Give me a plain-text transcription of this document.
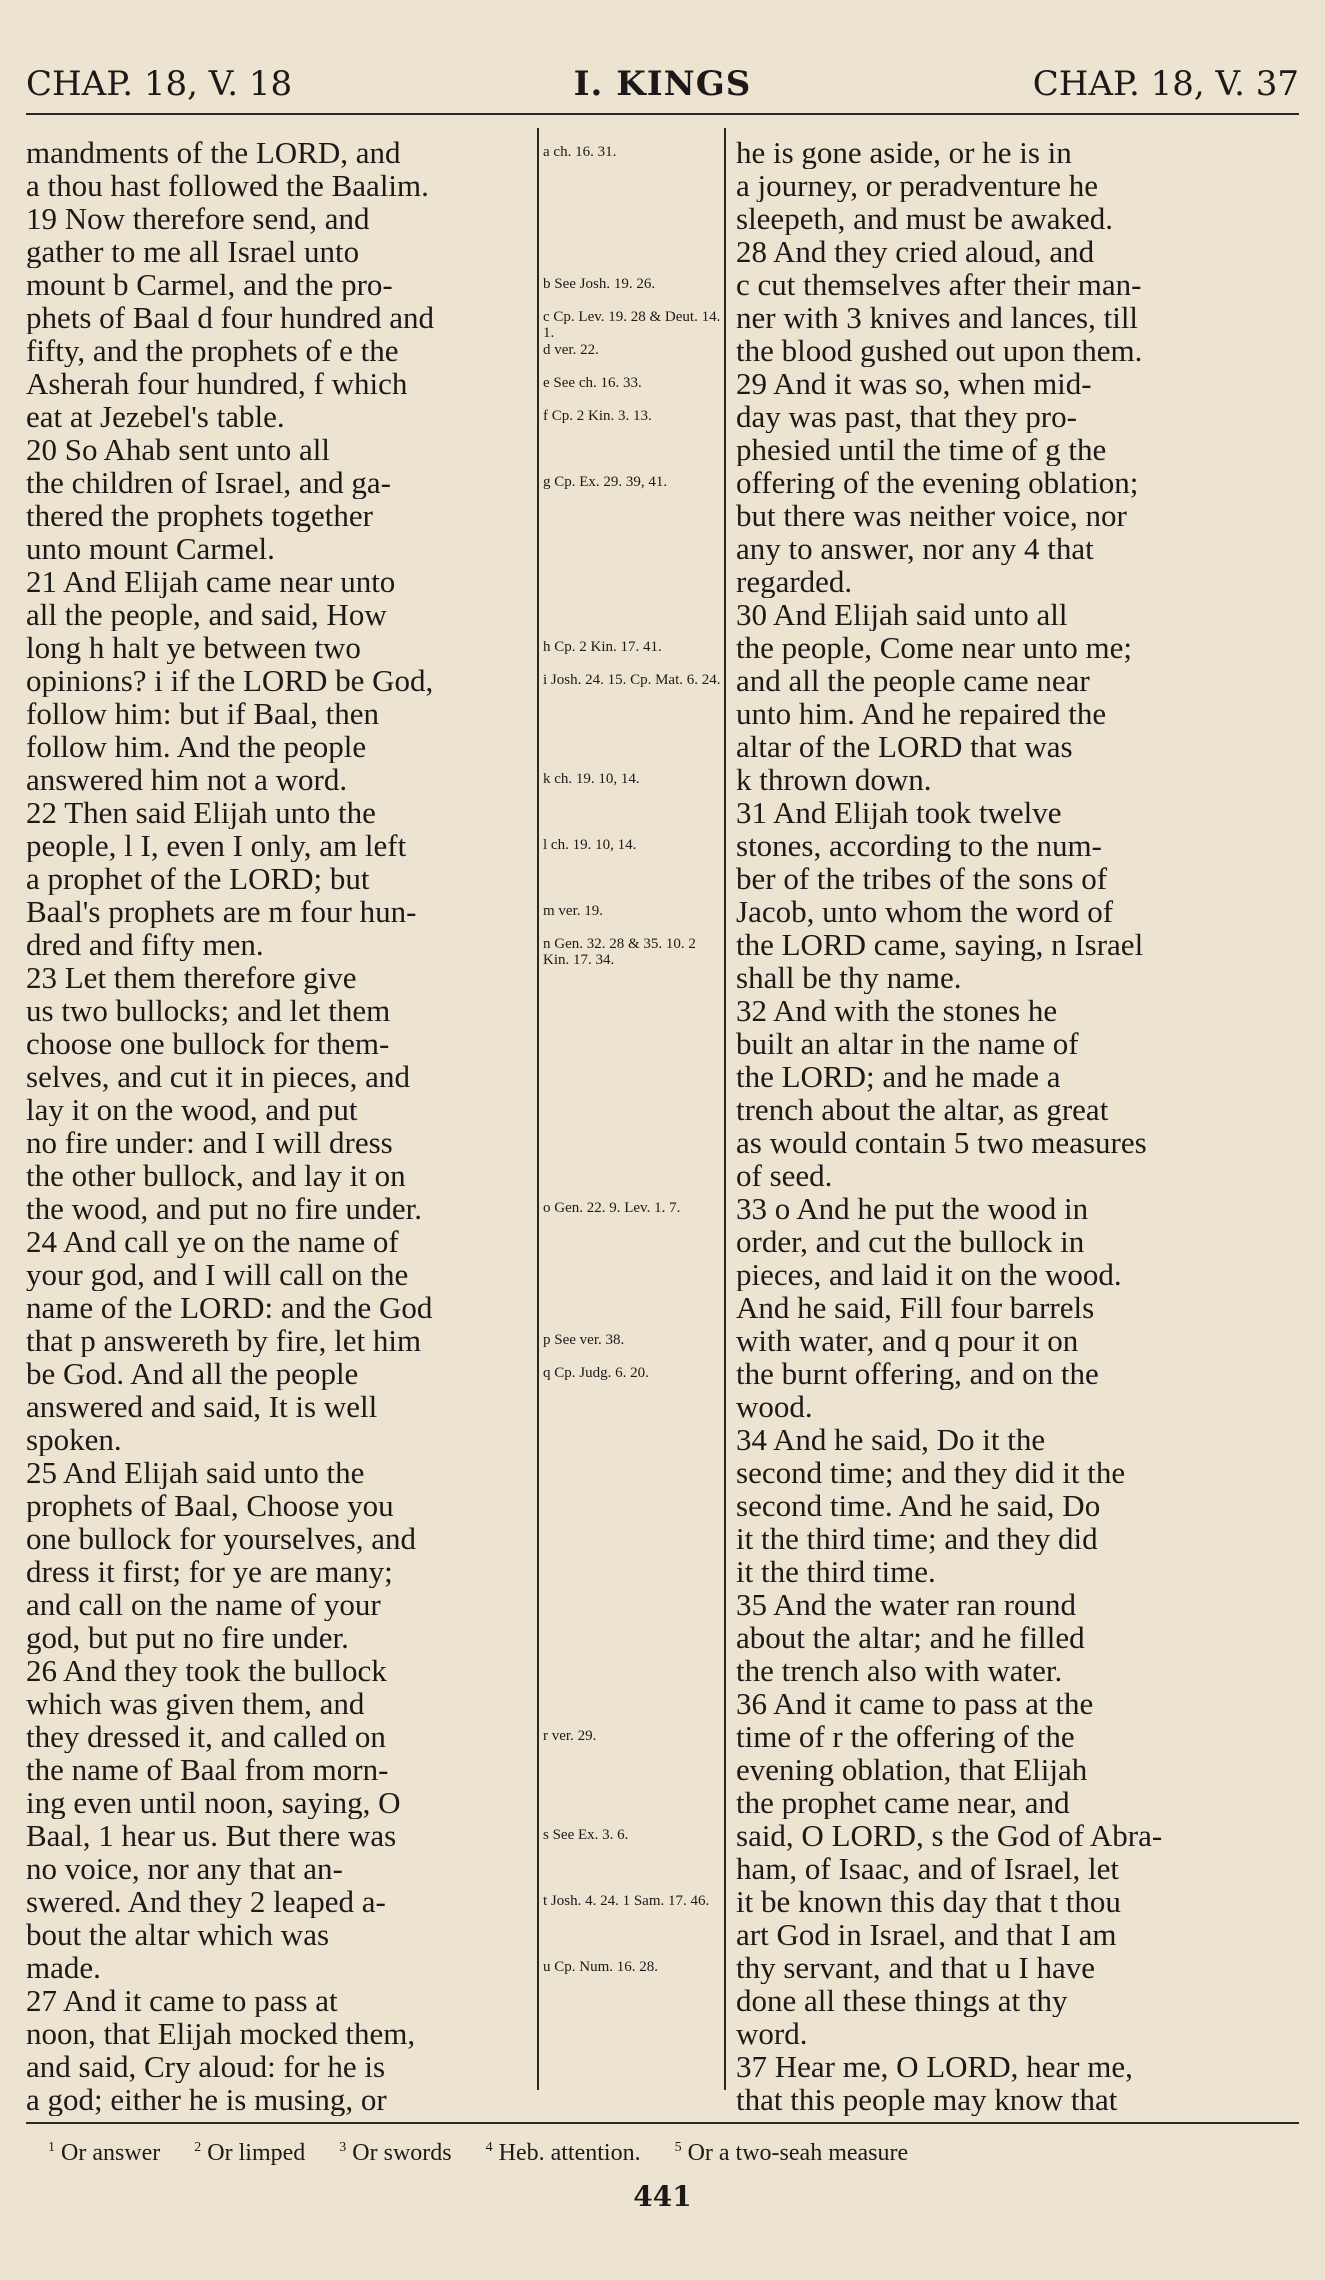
CHAP. 18, V. 18	I. KINGS	CHAP. 18, V. 37
mandments of the LORD, and
a thou hast followed the Baalim.
19 Now therefore send, and
gather to me all Israel unto
mount b Carmel, and the pro-
phets of Baal d four hundred and
fifty, and the prophets of e the
Asherah four hundred, f which
eat at Jezebel's table.
20 So Ahab sent unto all
the children of Israel, and ga-
thered the prophets together
unto mount Carmel.
21 And Elijah came near unto
all the people, and said, How
long h halt ye between two
opinions? i if the LORD be God,
follow him: but if Baal, then
follow him. And the people
answered him not a word.
22 Then said Elijah unto the
people, l I, even I only, am left
a prophet of the LORD; but
Baal's prophets are m four hun-
dred and fifty men.
23 Let them therefore give
us two bullocks; and let them
choose one bullock for them-
selves, and cut it in pieces, and
lay it on the wood, and put
no fire under: and I will dress
the other bullock, and lay it on
the wood, and put no fire under.
24 And call ye on the name of
your god, and I will call on the
name of the LORD: and the God
that p answereth by fire, let him
be God. And all the people
answered and said, It is well
spoken.
25 And Elijah said unto the
prophets of Baal, Choose you
one bullock for yourselves, and
dress it first; for ye are many;
and call on the name of your
god, but put no fire under.
26 And they took the bullock
which was given them, and
they dressed it, and called on
the name of Baal from morn-
ing even until noon, saying, O
Baal, 1 hear us. But there was
no voice, nor any that an-
swered. And they 2 leaped a-
bout the altar which was
made.
27 And it came to pass at
noon, that Elijah mocked them,
and said, Cry aloud: for he is
a god; either he is musing, or
a ch. 16. 31.
b See Josh. 19. 26.
c Cp. Lev. 19. 28 & Deut. 14. 1.
d ver. 22.
e See ch. 16. 33.
f Cp. 2 Kin. 3. 13.
g Cp. Ex. 29. 39, 41.
h Cp. 2 Kin. 17. 41.
i Josh. 24. 15. Cp. Mat. 6. 24.
k ch. 19. 10, 14.
l ch. 19. 10, 14.
m ver. 19.
n Gen. 32. 28 & 35. 10. 2 Kin. 17. 34.
o Gen. 22. 9. Lev. 1. 7.
p See ver. 38.
q Cp. Judg. 6. 20.
r ver. 29.
s See Ex. 3. 6.
t Josh. 4. 24. 1 Sam. 17. 46.
u Cp. Num. 16. 28.
he is gone aside, or he is in
a journey, or peradventure he
sleepeth, and must be awaked.
28 And they cried aloud, and
c cut themselves after their man-
ner with 3 knives and lances, till
the blood gushed out upon them.
29 And it was so, when mid-
day was past, that they pro-
phesied until the time of g the
offering of the evening oblation;
but there was neither voice, nor
any to answer, nor any 4 that
regarded.
30 And Elijah said unto all
the people, Come near unto me;
and all the people came near
unto him. And he repaired the
altar of the LORD that was
k thrown down.
31 And Elijah took twelve
stones, according to the num-
ber of the tribes of the sons of
Jacob, unto whom the word of
the LORD came, saying, n Israel
shall be thy name.
32 And with the stones he
built an altar in the name of
the LORD; and he made a
trench about the altar, as great
as would contain 5 two measures
of seed.
33 o And he put the wood in
order, and cut the bullock in
pieces, and laid it on the wood.
And he said, Fill four barrels
with water, and q pour it on
the burnt offering, and on the
wood.
34 And he said, Do it the
second time; and they did it the
second time. And he said, Do
it the third time; and they did
it the third time.
35 And the water ran round
about the altar; and he filled
the trench also with water.
36 And it came to pass at the
time of r the offering of the
evening oblation, that Elijah
the prophet came near, and
said, O LORD, s the God of Abra-
ham, of Isaac, and of Israel, let
it be known this day that t thou
art God in Israel, and that I am
thy servant, and that u I have
done all these things at thy
word.
37 Hear me, O LORD, hear me,
that this people may know that
$^1$ Or answer $^2$ Or limped $^3$ Or swords $^4$ Heb. attention. $^5$ Or a two-seah measure
441
